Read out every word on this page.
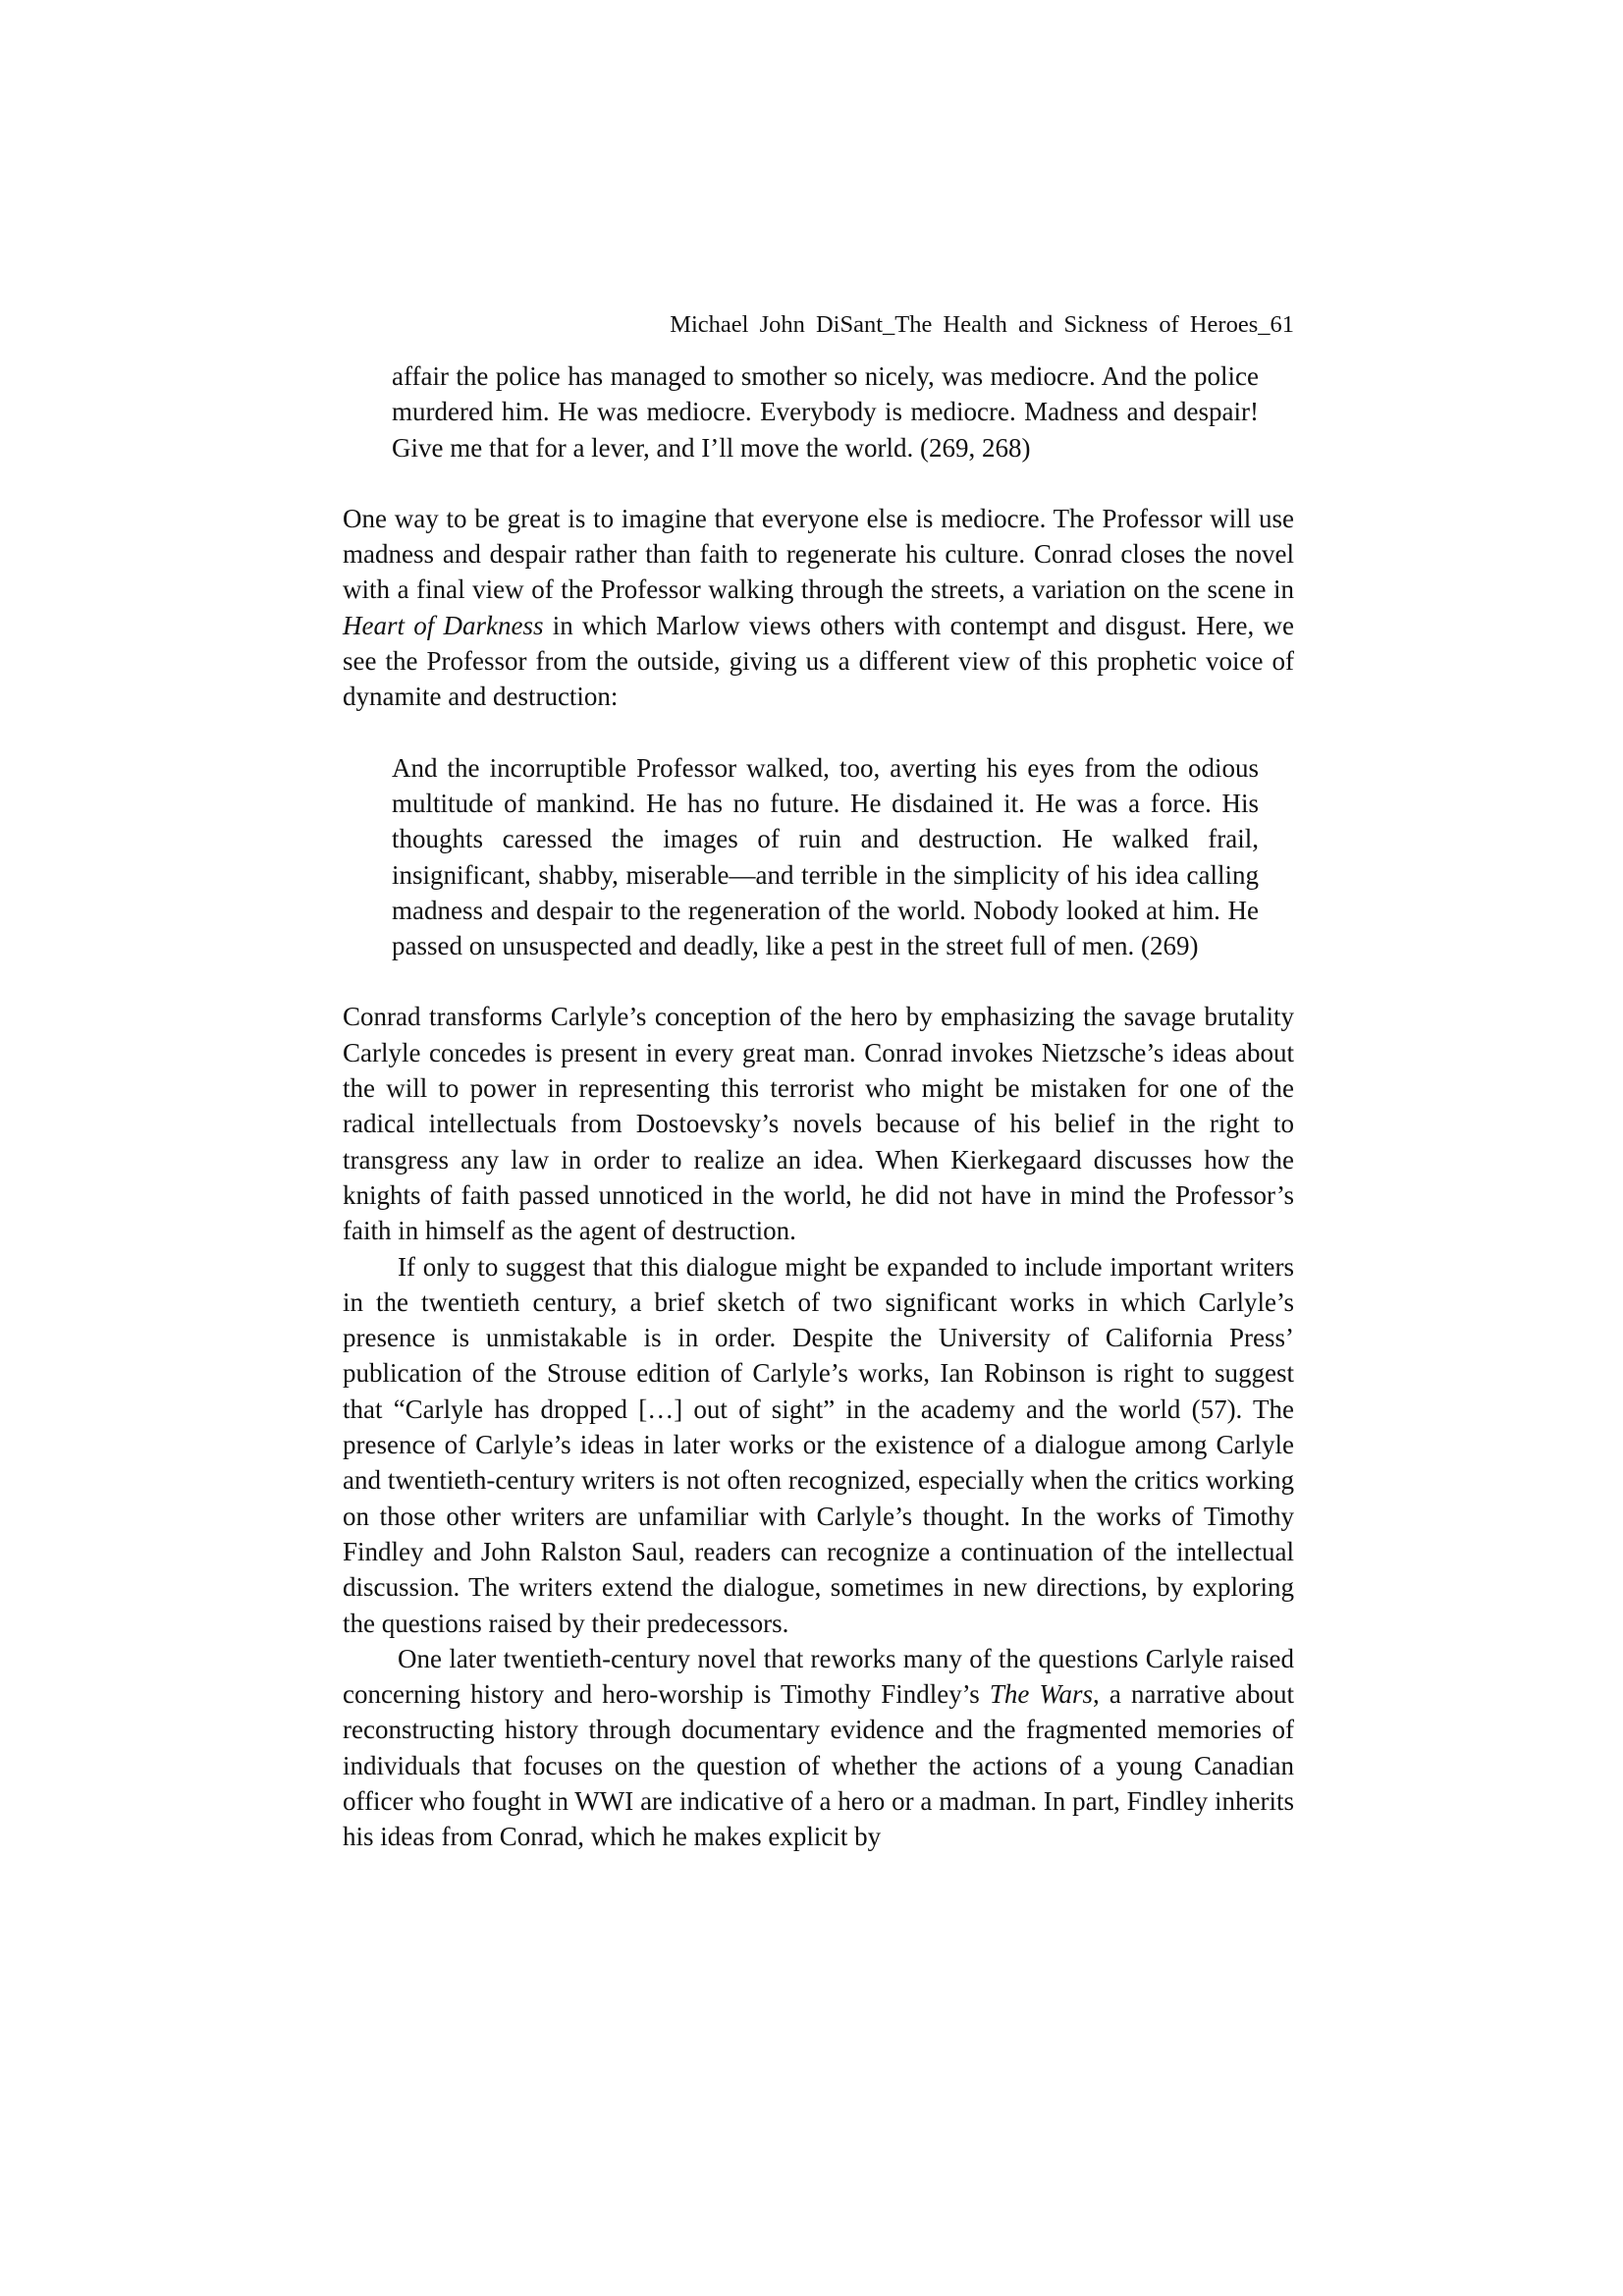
Michael John DiSant_The Health and Sickness of Heroes_61

affair the police has managed to smother so nicely, was mediocre. And the police murdered him. He was mediocre. Everybody is mediocre. Madness and despair! Give me that for a lever, and I’ll move the world. (269, 268)

One way to be great is to imagine that everyone else is mediocre. The Professor will use madness and despair rather than faith to regenerate his culture. Conrad closes the novel with a final view of the Professor walking through the streets, a variation on the scene in Heart of Darkness in which Marlow views others with contempt and disgust. Here, we see the Professor from the outside, giving us a different view of this prophetic voice of dynamite and destruction:

And the incorruptible Professor walked, too, averting his eyes from the odious multitude of mankind. He has no future. He disdained it. He was a force. His thoughts caressed the images of ruin and destruction. He walked frail, insignificant, shabby, miserable—and terrible in the simplicity of his idea calling madness and despair to the regeneration of the world. Nobody looked at him. He passed on unsuspected and deadly, like a pest in the street full of men. (269)

Conrad transforms Carlyle’s conception of the hero by emphasizing the savage brutality Carlyle concedes is present in every great man. Conrad invokes Nietzsche’s ideas about the will to power in representing this terrorist who might be mistaken for one of the radical intellectuals from Dostoevsky’s novels because of his belief in the right to transgress any law in order to realize an idea. When Kierkegaard discusses how the knights of faith passed unnoticed in the world, he did not have in mind the Professor’s faith in himself as the agent of destruction.

If only to suggest that this dialogue might be expanded to include important writers in the twentieth century, a brief sketch of two significant works in which Carlyle’s presence is unmistakable is in order. Despite the University of California Press’ publication of the Strouse edition of Carlyle’s works, Ian Robinson is right to suggest that “Carlyle has dropped […] out of sight” in the academy and the world (57). The presence of Carlyle’s ideas in later works or the existence of a dialogue among Carlyle and twentieth-century writers is not often recognized, especially when the critics working on those other writers are unfamiliar with Carlyle’s thought. In the works of Timothy Findley and John Ralston Saul, readers can recognize a continuation of the intellectual discussion. The writers extend the dialogue, sometimes in new directions, by exploring the questions raised by their predecessors.

One later twentieth-century novel that reworks many of the questions Carlyle raised concerning history and hero-worship is Timothy Findley’s The Wars, a narrative about reconstructing history through documentary evidence and the fragmented memories of individuals that focuses on the question of whether the actions of a young Canadian officer who fought in WWI are indicative of a hero or a madman. In part, Findley inherits his ideas from Conrad, which he makes explicit by
